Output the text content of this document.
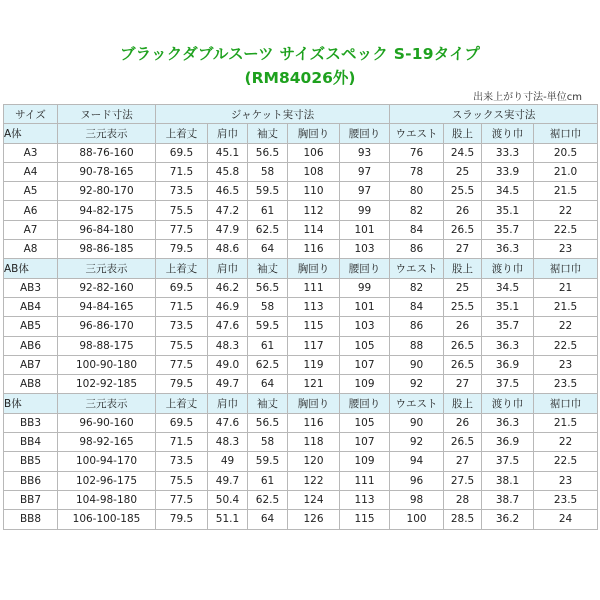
ブラックダブルスーツ サイズスペック S-19タイプ
(RM84026外)
出来上がり寸法-単位cm
サイズ	ヌード寸法	ジャケット実寸法					スラックス実寸法			
A体	三元表示	上着丈	肩巾	袖丈	胸回り	腰回り	ウエスト	股上	渡り巾	裾口巾
A3	88-76-160	69.5	45.1	56.5	106	93	76	24.5	33.3	20.5
A4	90-78-165	71.5	45.8	58	108	97	78	25	33.9	21.0
A5	92-80-170	73.5	46.5	59.5	110	97	80	25.5	34.5	21.5
A6	94-82-175	75.5	47.2	61	112	99	82	26	35.1	22
A7	96-84-180	77.5	47.9	62.5	114	101	84	26.5	35.7	22.5
A8	98-86-185	79.5	48.6	64	116	103	86	27	36.3	23
AB体	三元表示	上着丈	肩巾	袖丈	胸回り	腰回り	ウエスト	股上	渡り巾	裾口巾
AB3	92-82-160	69.5	46.2	56.5	111	99	82	25	34.5	21
AB4	94-84-165	71.5	46.9	58	113	101	84	25.5	35.1	21.5
AB5	96-86-170	73.5	47.6	59.5	115	103	86	26	35.7	22
AB6	98-88-175	75.5	48.3	61	117	105	88	26.5	36.3	22.5
AB7	100-90-180	77.5	49.0	62.5	119	107	90	26.5	36.9	23
AB8	102-92-185	79.5	49.7	64	121	109	92	27	37.5	23.5
B体	三元表示	上着丈	肩巾	袖丈	胸回り	腰回り	ウエスト	股上	渡り巾	裾口巾
BB3	96-90-160	69.5	47.6	56.5	116	105	90	26	36.3	21.5
BB4	98-92-165	71.5	48.3	58	118	107	92	26.5	36.9	22
BB5	100-94-170	73.5	49	59.5	120	109	94	27	37.5	22.5
BB6	102-96-175	75.5	49.7	61	122	111	96	27.5	38.1	23
BB7	104-98-180	77.5	50.4	62.5	124	113	98	28	38.7	23.5
BB8	106-100-185	79.5	51.1	64	126	115	100	28.5	36.2	24
